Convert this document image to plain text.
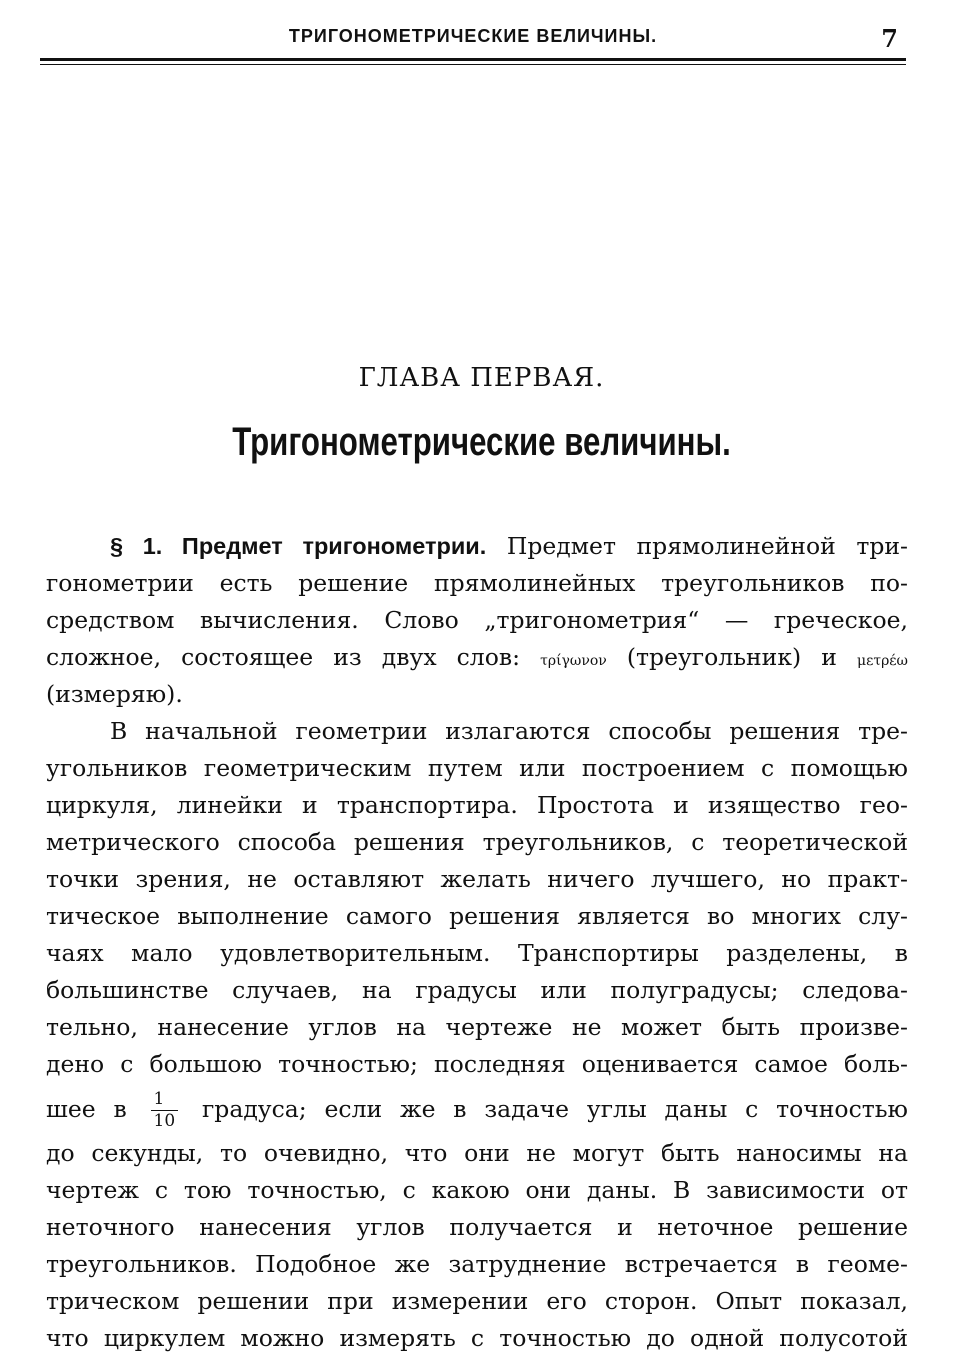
ТРИГОНОМЕТРИЧЕСКИЕ ВЕЛИЧИНЫ.	7
ГЛАВА ПЕРВАЯ.
Тригонометрические величины.
§ 1. Предмет тригонометрии. Предмет прямолинейной три-
гонометрии есть решение прямолинейных треугольников по-
средством вычисления. Слово „тригонометрия“ — греческое,
сложное, состоящее из двух слов: τρίγωνον (треугольник) и μετρέω
(измеряю).
В начальной геометрии излагаются способы решения тре-
угольников геометрическим путем или построением с помощью
циркуля, линейки и транспортира. Простота и изящество гео-
метрического способа решения треугольников, с теоретической
точки зрения, не оставляют желать ничего лучшего, но практ-
тическое выполнение самого решения является во многих слу-
чаях мало удовлетворительным. Транспортиры разделены, в
большинстве случаев, на градусы или полуградусы; следова-
тельно, нанесение углов на чертеже не может быть произве-
дено с большою точностью; последняя оценивается самое боль-
шее в $\frac{1}{10}$ градуса; если же в задаче углы даны с точностью
до секунды, то очевидно, что они не могут быть наносимы на
чертеж с тою точностью, с какою они даны. В зависимости от
неточного нанесения углов получается и неточное решение
треугольников. Подобное же затруднение встречается в геоме-
трическом решении при измерении его сторон. Опыт показал,
что циркулем можно измерять с точностью до одной полусотой
